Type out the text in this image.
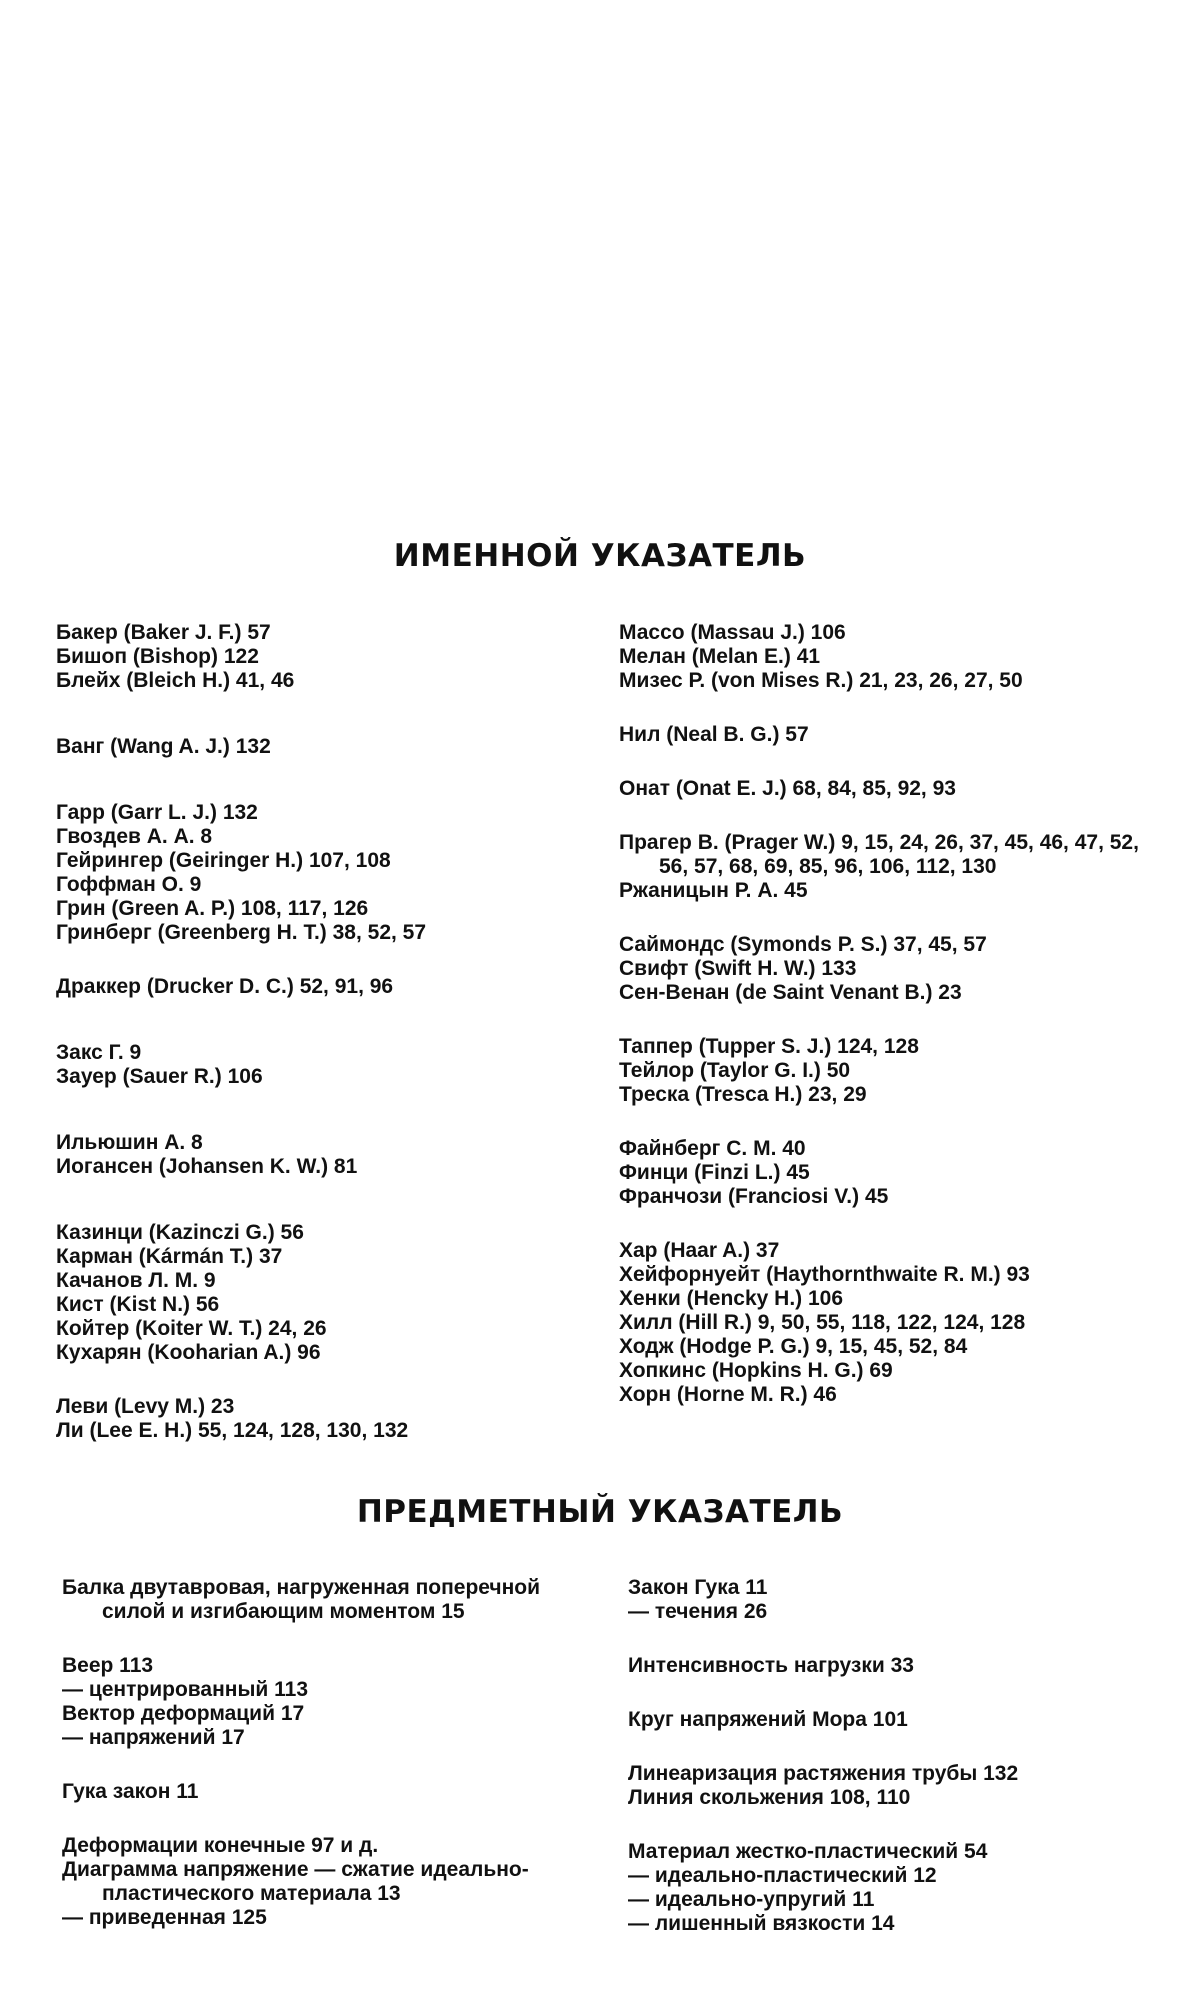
ИМЕННОЙ УКАЗАТЕЛЬ
Бакер (Baker J. F.) 57
Бишоп (Bishop) 122
Блейх (Bleich H.) 41, 46
Ванг (Wang A. J.) 132
Гарр (Garr L. J.) 132
Гвоздев А. А. 8
Гейрингер (Geiringer H.) 107, 108
Гоффман О. 9
Грин (Green A. P.) 108, 117, 126
Гринберг (Greenberg H. T.) 38, 52, 57
Драккер (Drucker D. C.) 52, 91, 96
Закс Г. 9
Зауер (Sauer R.) 106
Ильюшин А. 8
Иогансен (Johansen K. W.) 81
Казинци (Kazinczi G.) 56
Карман (Kármán T.) 37
Качанов Л. М. 9
Кист (Kist N.) 56
Койтер (Koiter W. T.) 24, 26
Кухарян (Kooharian A.) 96
Леви (Levy M.) 23
Ли (Lee E. H.) 55, 124, 128, 130, 132
Массо (Massau J.) 106
Мелан (Melan E.) 41
Мизес Р. (von Mises R.) 21, 23, 26, 27, 50
Нил (Neal B. G.) 57
Онат (Onat E. J.) 68, 84, 85, 92, 93
Прагер В. (Prager W.) 9, 15, 24, 26, 37, 45, 46, 47, 52, 56, 57, 68, 69, 85, 96, 106, 112, 130
Ржаницын Р. А. 45
Саймондс (Symonds P. S.) 37, 45, 57
Свифт (Swift H. W.) 133
Сен-Венан (de Saint Venant B.) 23
Таппер (Tupper S. J.) 124, 128
Тейлор (Taylor G. I.) 50
Треска (Tresca H.) 23, 29
Файнберг С. М. 40
Финци (Finzi L.) 45
Франчози (Franciosi V.) 45
Хар (Haar A.) 37
Хейфорнуейт (Haythornthwaite R. M.) 93
Хенки (Hencky H.) 106
Хилл (Hill R.) 9, 50, 55, 118, 122, 124, 128
Ходж (Hodge P. G.) 9, 15, 45, 52, 84
Хопкинс (Hopkins H. G.) 69
Хорн (Horne M. R.) 46
ПРЕДМЕТНЫЙ УКАЗАТЕЛЬ
Балка двутавровая, нагруженная поперечной силой и изгибающим моментом 15
Веер 113
— центрированный 113
Вектор деформаций 17
— напряжений 17
Гука закон 11
Деформации конечные 97 и д.
Диаграмма напряжение — сжатие идеально-пластического материала 13
— приведенная 125
Закон Гука 11
— течения 26
Интенсивность нагрузки 33
Круг напряжений Мора 101
Линеаризация растяжения трубы 132
Линия скольжения 108, 110
Материал жестко-пластический 54
— идеально-пластический 12
— идеально-упругий 11
— лишенный вязкости 14
